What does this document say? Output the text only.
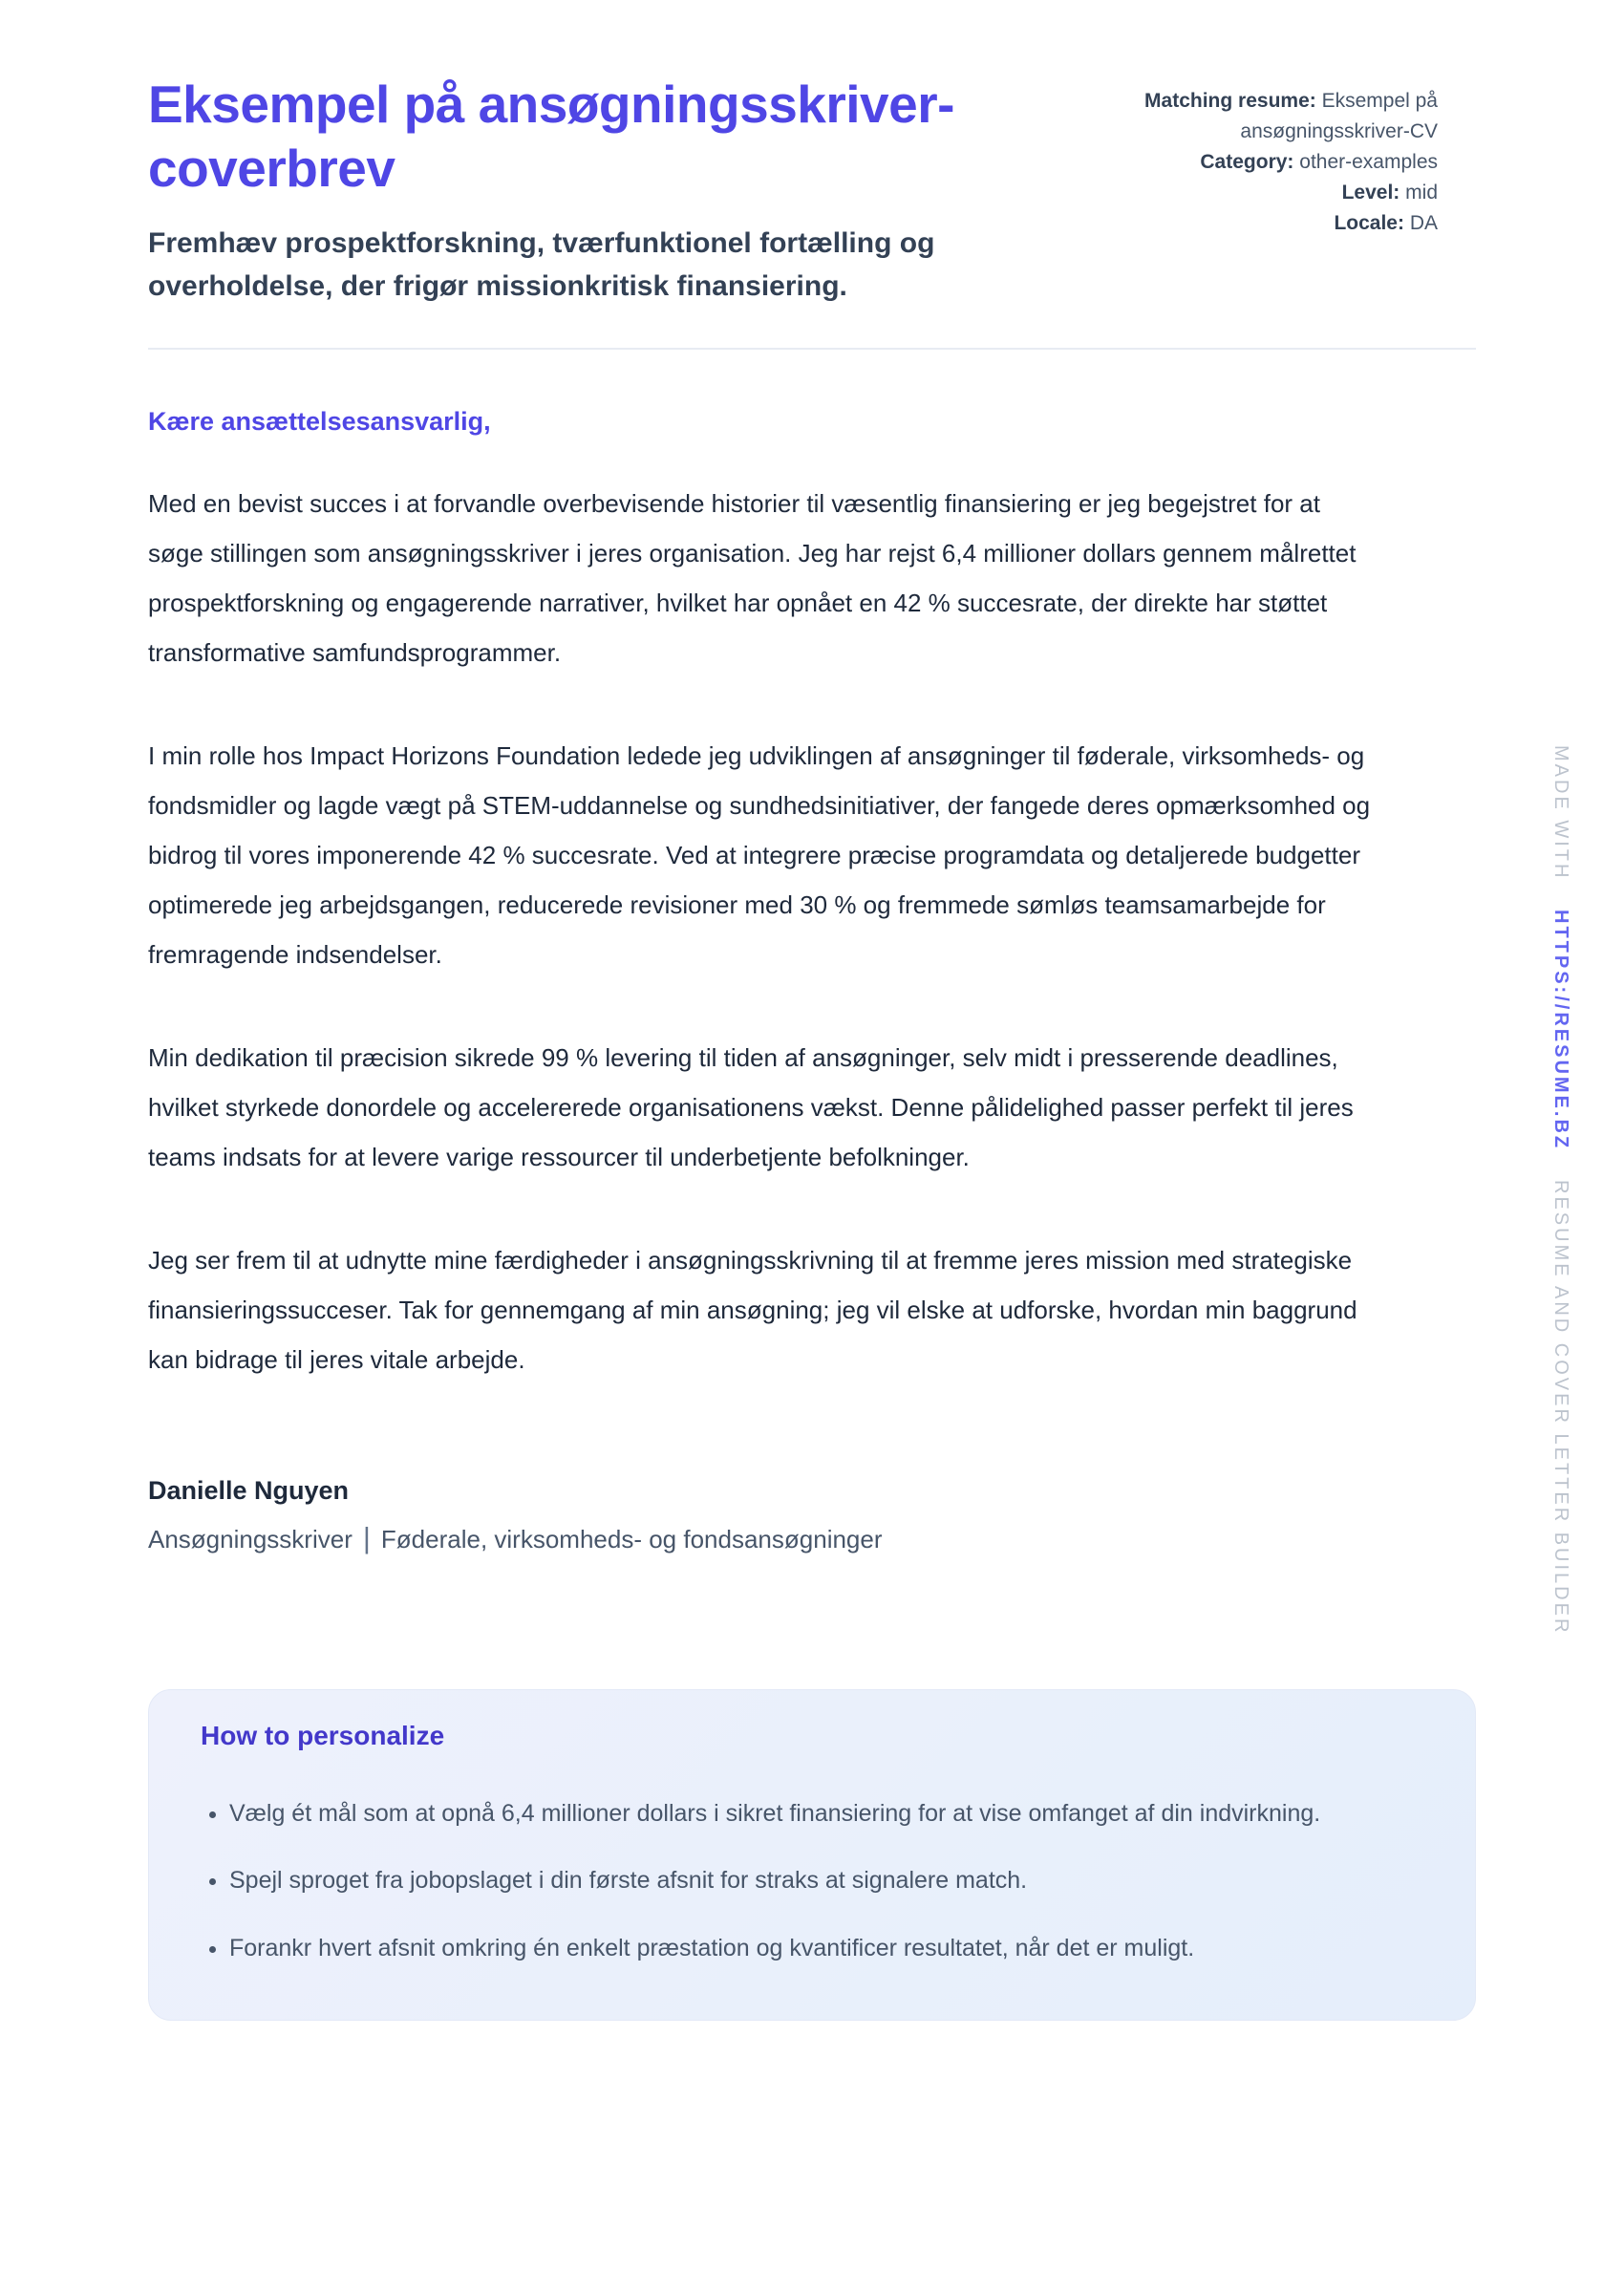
Eksempel på ansøgningsskriver-coverbrev

Fremhæv prospektforskning, tværfunktionel fortælling og overholdelse, der frigør missionkritisk finansiering.

Matching resume: Eksempel på ansøgningsskriver-CV
Category: other-examples
Level: mid
Locale: DA

Kære ansættelsesansvarlig,

Med en bevist succes i at forvandle overbevisende historier til væsentlig finansiering er jeg begejstret for at søge stillingen som ansøgningsskriver i jeres organisation. Jeg har rejst 6,4 millioner dollars gennem målrettet prospektforskning og engagerende narrativer, hvilket har opnået en 42 % succesrate, der direkte har støttet transformative samfundsprogrammer.

I min rolle hos Impact Horizons Foundation ledede jeg udviklingen af ansøgninger til føderale, virksomheds- og fondsmidler og lagde vægt på STEM-uddannelse og sundhedsinitiativer, der fangede deres opmærksomhed og bidrog til vores imponerende 42 % succesrate. Ved at integrere præcise programdata og detaljerede budgetter optimerede jeg arbejdsgangen, reducerede revisioner med 30 % og fremmede sømløs teamsamarbejde for fremragende indsendelser.

Min dedikation til præcision sikrede 99 % levering til tiden af ansøgninger, selv midt i presserende deadlines, hvilket styrkede donordele og accelererede organisationens vækst. Denne pålidelighed passer perfekt til jeres teams indsats for at levere varige ressourcer til underbetjente befolkninger.

Jeg ser frem til at udnytte mine færdigheder i ansøgningsskrivning til at fremme jeres mission med strategiske finansieringssucceser. Tak for gennemgang af min ansøgning; jeg vil elske at udforske, hvordan min baggrund kan bidrage til jeres vitale arbejde.

Danielle Nguyen

Ansøgningsskriver | Føderale, virksomheds- og fondsansøgninger

How to personalize
• Vælg ét mål som at opnå 6,4 millioner dollars i sikret finansiering for at vise omfanget af din indvirkning.
• Spejl sproget fra jobopslaget i din første afsnit for straks at signalere match.
• Forankr hvert afsnit omkring én enkelt præstation og kvantificer resultatet, når det er muligt.
MADE WITH HTTPS://RESUME.BZ RESUME AND COVER LETTER BUILDER
